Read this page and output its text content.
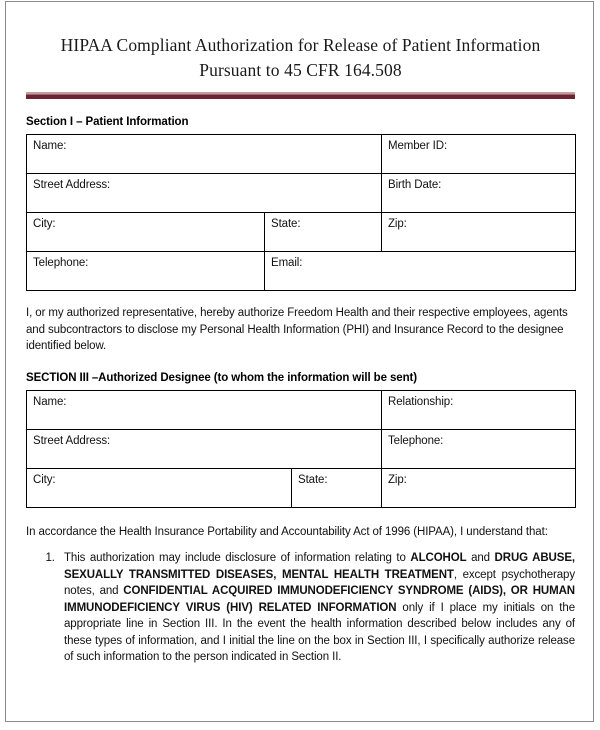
HIPAA Compliant Authorization for Release of Patient Information
Pursuant to 45 CFR 164.508
Section I – Patient Information
Name:		Member ID:
Street Address:		Birth Date:
City:	State:	Zip:
Telephone:	Email:	
I, or my authorized representative, hereby authorize Freedom Health and their respective employees, agents and subcontractors to disclose my Personal Health Information (PHI) and Insurance Record to the designee identified below.
SECTION III –Authorized Designee (to whom the information will be sent)
Name:		Relationship:
Street Address:		Telephone:
City:	State:	Zip:
In accordance the Health Insurance Portability and Accountability Act of 1996 (HIPAA), I understand that:
1. This authorization may include disclosure of information relating to ALCOHOL and DRUG ABUSE, SEXUALLY TRANSMITTED DISEASES, MENTAL HEALTH TREATMENT, except psychotherapy notes, and CONFIDENTIAL ACQUIRED IMMUNODEFICIENCY SYNDROME (AIDS), OR HUMAN IMMUNODEFICIENCY VIRUS (HIV) RELATED INFORMATION only if I place my initials on the appropriate line in Section III. In the event the health information described below includes any of these types of information, and I initial the line on the box in Section III, I specifically authorize release of such information to the person indicated in Section II.
